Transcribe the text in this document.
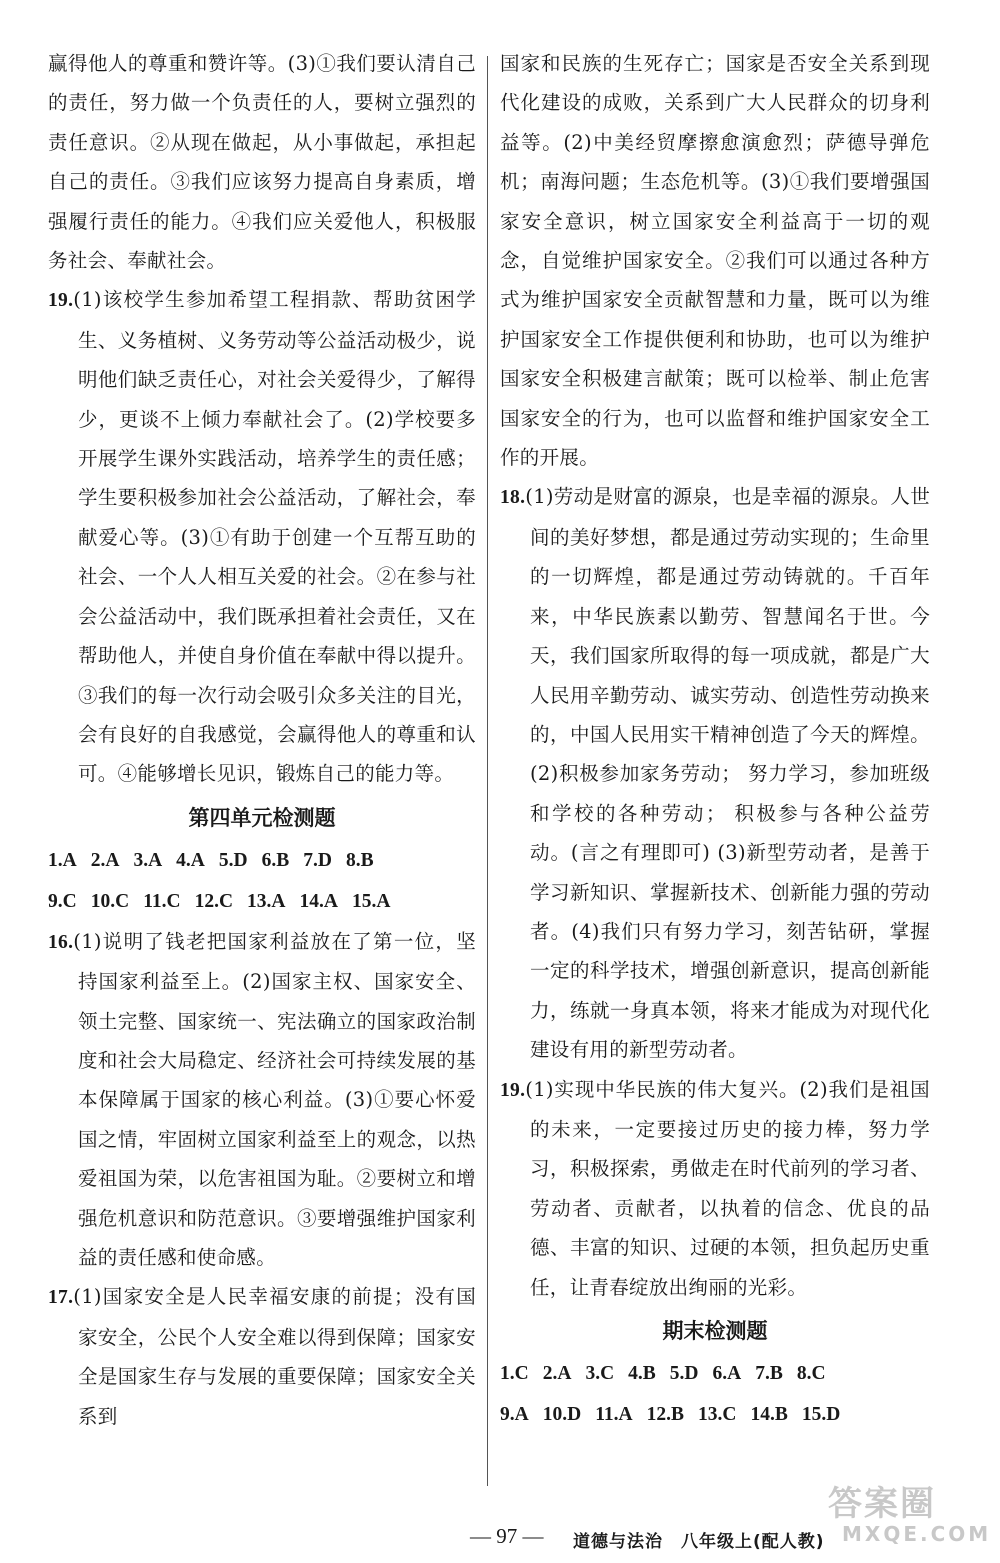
赢得他人的尊重和赞许等。(3)①我们要认清自己的责任，努力做一个负责任的人，要树立强烈的责任意识。②从现在做起，从小事做起，承担起自己的责任。③我们应该努力提高自身素质，增强履行责任的能力。④我们应关爱他人，积极服务社会、奉献社会。

19.(1)该校学生参加希望工程捐款、帮助贫困学生、义务植树、义务劳动等公益活动极少，说明他们缺乏责任心，对社会关爱得少，了解得少，更谈不上倾力奉献社会了。(2)学校要多开展学生课外实践活动，培养学生的责任感；学生要积极参加社会公益活动，了解社会，奉献爱心等。(3)①有助于创建一个互帮互助的社会、一个人人相互关爱的社会。②在参与社会公益活动中，我们既承担着社会责任，又在帮助他人，并使自身价值在奉献中得以提升。③我们的每一次行动会吸引众多关注的目光，会有良好的自我感觉，会赢得他人的尊重和认可。④能够增长见识，锻炼自己的能力等。

第四单元检测题
1.A 2.A 3.A 4.A 5.D 6.B 7.D 8.B
9.C 10.C 11.C 12.C 13.A 14.A 15.A

16.(1)说明了钱老把国家利益放在了第一位，坚持国家利益至上。(2)国家主权、国家安全、领土完整、国家统一、宪法确立的国家政治制度和社会大局稳定、经济社会可持续发展的基本保障属于国家的核心利益。(3)①要心怀爱国之情，牢固树立国家利益至上的观念，以热爱祖国为荣，以危害祖国为耻。②要树立和增强危机意识和防范意识。③要增强维护国家利益的责任感和使命感。

17.(1)国家安全是人民幸福安康的前提；没有国家安全，公民个人安全难以得到保障；国家安全是国家生存与发展的重要保障；国家安全关系到

国家和民族的生死存亡；国家是否安全关系到现代化建设的成败，关系到广大人民群众的切身利益等。(2)中美经贸摩擦愈演愈烈；萨德导弹危机；南海问题；生态危机等。(3)①我们要增强国家安全意识，树立国家安全利益高于一切的观念，自觉维护国家安全。②我们可以通过各种方式为维护国家安全贡献智慧和力量，既可以为维护国家安全工作提供便利和协助，也可以为维护国家安全积极建言献策；既可以检举、制止危害国家安全的行为，也可以监督和维护国家安全工作的开展。

18.(1)劳动是财富的源泉，也是幸福的源泉。人世间的美好梦想，都是通过劳动实现的；生命里的一切辉煌，都是通过劳动铸就的。千百年来，中华民族素以勤劳、智慧闻名于世。今天，我们国家所取得的每一项成就，都是广大人民用辛勤劳动、诚实劳动、创造性劳动换来的，中国人民用实干精神创造了今天的辉煌。(2)积极参加家务劳动； 努力学习，参加班级和学校的各种劳动； 积极参与各种公益劳动。(言之有理即可) (3)新型劳动者，是善于学习新知识、掌握新技术、创新能力强的劳动者。(4)我们只有努力学习，刻苦钻研，掌握一定的科学技术，增强创新意识，提高创新能力，练就一身真本领，将来才能成为对现代化建设有用的新型劳动者。

19.(1)实现中华民族的伟大复兴。(2)我们是祖国的未来，一定要接过历史的接力棒，努力学习，积极探索，勇做走在时代前列的学习者、劳动者、贡献者，以执着的信念、优良的品德、丰富的知识、过硬的本领，担负起历史重任，让青春绽放出绚丽的光彩。

期末检测题
1.C 2.A 3.C 4.B 5.D 6.A 7.B 8.C
9.A 10.D 11.A 12.B 13.C 14.B 15.D
— 97 — 道德与法治　八年级上(配人教)
答案圈
MXQE.COM
